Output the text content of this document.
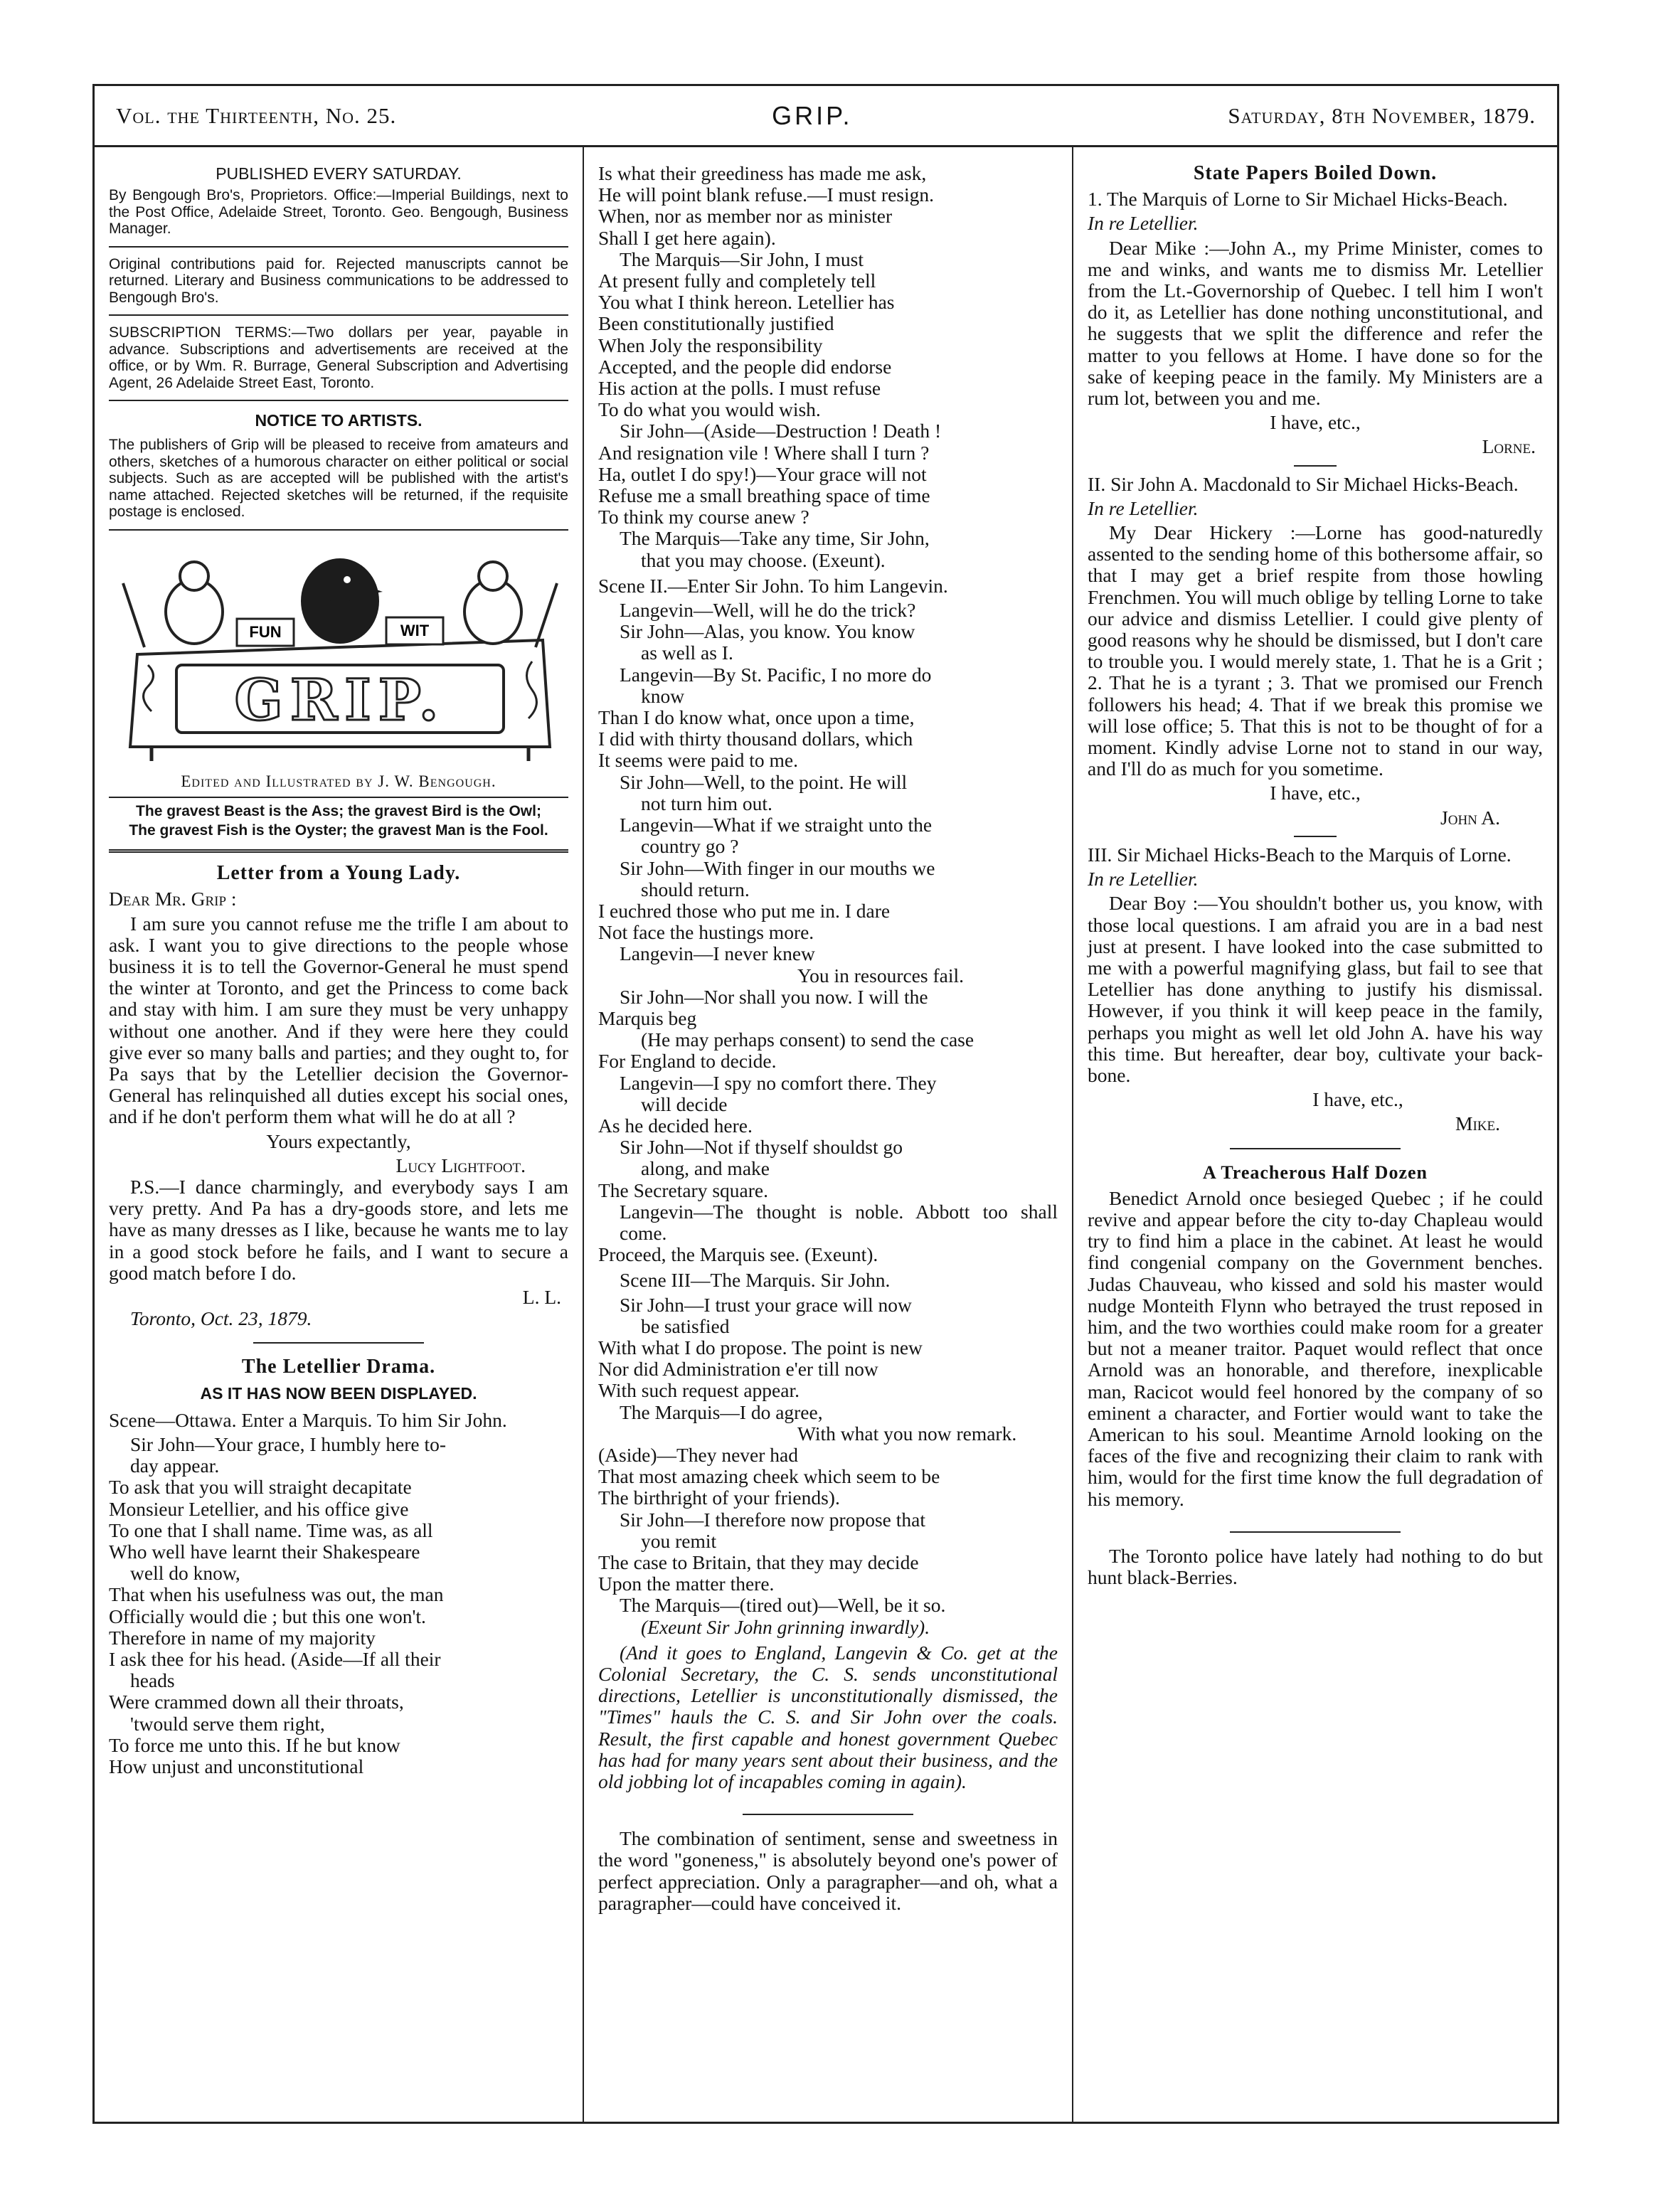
Vol. the Thirteenth, No. 25.	GRIP.	Saturday, 8th November, 1879.
PUBLISHED EVERY SATURDAY.
By Bengough Bro's, Proprietors. Office:—Imperial Buildings, next to the Post Office, Adelaide Street, Toronto. Geo. Bengough, Business Manager.
Original contributions paid for. Rejected manuscripts cannot be returned. Literary and Business communications to be addressed to Bengough Bro's.
SUBSCRIPTION TERMS:—Two dollars per year, payable in advance. Subscriptions and advertisements are received at the office, or by Wm. R. Burrage, General Subscription and Advertising Agent, 26 Adelaide Street East, Toronto.
NOTICE TO ARTISTS.
The publishers of Grip will be pleased to receive from amateurs and others, sketches of a humorous character on either political or social subjects. Such as are accepted will be published with the artist's name attached. Rejected sketches will be returned, if the requisite postage is enclosed.
FUN	WIT
GRIP.
Edited and Illustrated by J. W. Bengough.
The gravest Beast is the Ass; the gravest Bird is the Owl;
The gravest Fish is the Oyster; the gravest Man is the Fool.
Letter from a Young Lady.

Dear Mr. Grip :

I am sure you cannot refuse me the trifle I am about to ask. I want you to give directions to the people whose business it is to tell the Governor-General he must spend the winter at Toronto, and get the Princess to come back and stay with him. I am sure they must be very unhappy without one another. And if they were here they could give ever so many balls and parties; and they ought to, for Pa says that by the Letellier decision the Governor-General has relinquished all duties except his social ones, and if he don't perform them what will he do at all ?

Yours expectantly,

Lucy Lightfoot.

P.S.—I dance charmingly, and everybody says I am very pretty. And Pa has a dry-goods store, and lets me have as many dresses as I like, because he wants me to lay in a good stock before he fails, and I want to secure a good match before I do.

L. L.

Toronto, Oct. 23, 1879.

The Letellier Drama.
AS IT HAS NOW BEEN DISPLAYED.

Scene—Ottawa. Enter a Marquis. To him Sir John.

Sir John—Your grace, I humbly here to-

day appear.

To ask that you will straight decapitate

Monsieur Letellier, and his office give

To one that I shall name. Time was, as all

Who well have learnt their Shakespeare

well do know,

That when his usefulness was out, the man

Officially would die ; but this one won't.

Therefore in name of my majority

I ask thee for his head. (Aside—If all their

heads

Were crammed down all their throats,

'twould serve them right,

To force me unto this. If he but know

How unjust and unconstitutional

Is what their greediness has made me ask,

He will point blank refuse.—I must resign.

When, nor as member nor as minister

Shall I get here again).

The Marquis—Sir John, I must

At present fully and completely tell

You what I think hereon. Letellier has

Been constitutionally justified

When Joly the responsibility

Accepted, and the people did endorse

His action at the polls. I must refuse

To do what you would wish.

Sir John—(Aside—Destruction ! Death !

And resignation vile ! Where shall I turn ?

Ha, outlet I do spy!)—Your grace will not

Refuse me a small breathing space of time

To think my course anew ?

The Marquis—Take any time, Sir John,

that you may choose. (Exeunt).

Scene II.—Enter Sir John. To him Langevin.

Langevin—Well, will he do the trick?

Sir John—Alas, you know. You know

as well as I.

Langevin—By St. Pacific, I no more do

know

Than I do know what, once upon a time,

I did with thirty thousand dollars, which

It seems were paid to me.

Sir John—Well, to the point. He will

not turn him out.

Langevin—What if we straight unto the

country go ?

Sir John—With finger in our mouths we

should return.

I euchred those who put me in. I dare

Not face the hustings more.

Langevin—I never knew

You in resources fail.

Sir John—Nor shall you now. I will the

Marquis beg

(He may perhaps consent) to send the case

For England to decide.

Langevin—I spy no comfort there. They

will decide

As he decided here.

Sir John—Not if thyself shouldst go

along, and make

The Secretary square.

Langevin—The thought is noble. Abbott too shall come.

Proceed, the Marquis see. (Exeunt).

Scene III—The Marquis. Sir John.

Sir John—I trust your grace will now

be satisfied

With what I do propose. The point is new

Nor did Administration e'er till now

With such request appear.

The Marquis—I do agree,

With what you now remark.

(Aside)—They never had

That most amazing cheek which seem to be

The birthright of your friends).

Sir John—I therefore now propose that

you remit

The case to Britain, that they may decide

Upon the matter there.

The Marquis—(tired out)—Well, be it so.

(Exeunt Sir John grinning inwardly).

(And it goes to England, Langevin & Co. get at the Colonial Secretary, the C. S. sends unconstitutional directions, Letellier is unconstitutionally dismissed, the "Times" hauls the C. S. and Sir John over the coals. Result, the first capable and honest government Quebec has had for many years sent about their business, and the old jobbing lot of incapables coming in again).

The combination of sentiment, sense and sweetness in the word "goneness," is absolutely beyond one's power of perfect appreciation. Only a paragrapher—and oh, what a paragrapher—could have conceived it.

State Papers Boiled Down.

1. The Marquis of Lorne to Sir Michael Hicks-Beach.

In re Letellier.

Dear Mike :—John A., my Prime Minister, comes to me and winks, and wants me to dismiss Mr. Letellier from the Lt.-Governorship of Quebec. I tell him I won't do it, as Letellier has done nothing unconstitutional, and he suggests that we split the difference and refer the matter to you fellows at Home. I have done so for the sake of keeping peace in the family. My Ministers are a rum lot, between you and me.

I have, etc.,

Lorne.

II. Sir John A. Macdonald to Sir Michael Hicks-Beach.

In re Letellier.

My Dear Hickery :—Lorne has good-naturedly assented to the sending home of this bothersome affair, so that I may get a brief respite from those howling Frenchmen. You will much oblige by telling Lorne to take our advice and dismiss Letellier. I could give plenty of good reasons why he should be dismissed, but I don't care to trouble you. I would merely state, 1. That he is a Grit ; 2. That he is a tyrant ; 3. That we promised our French followers his head; 4. That if we break this promise we will lose office; 5. That this is not to be thought of for a moment. Kindly advise Lorne not to stand in our way, and I'll do as much for you sometime.

I have, etc.,

John A.

III. Sir Michael Hicks-Beach to the Marquis of Lorne.

In re Letellier.

Dear Boy :—You shouldn't bother us, you know, with those local questions. I am afraid you are in a bad nest just at present. I have looked into the case submitted to me with a powerful magnifying glass, but fail to see that Letellier has done anything to justify his dismissal. However, if you think it will keep peace in the family, perhaps you might as well let old John A. have his way this time. But hereafter, dear boy, cultivate your back-bone.

I have, etc.,

Mike.

A Treacherous Half Dozen

Benedict Arnold once besieged Quebec ; if he could revive and appear before the city to-day Chapleau would try to find him a place in the cabinet. At least he would find congenial company on the Government benches. Judas Chauveau, who kissed and sold his master would nudge Monteith Flynn who betrayed the trust reposed in him, and the two worthies could make room for a greater but not a meaner traitor. Paquet would reflect that once Arnold was an honorable, and therefore, inexplicable man, Racicot would feel honored by the company of so eminent a character, and Fortier would want to take the American to his soul. Meantime Arnold looking on the faces of the five and recognizing their claim to rank with him, would for the first time know the full degradation of his memory.

The Toronto police have lately had nothing to do but hunt black-Berries.
